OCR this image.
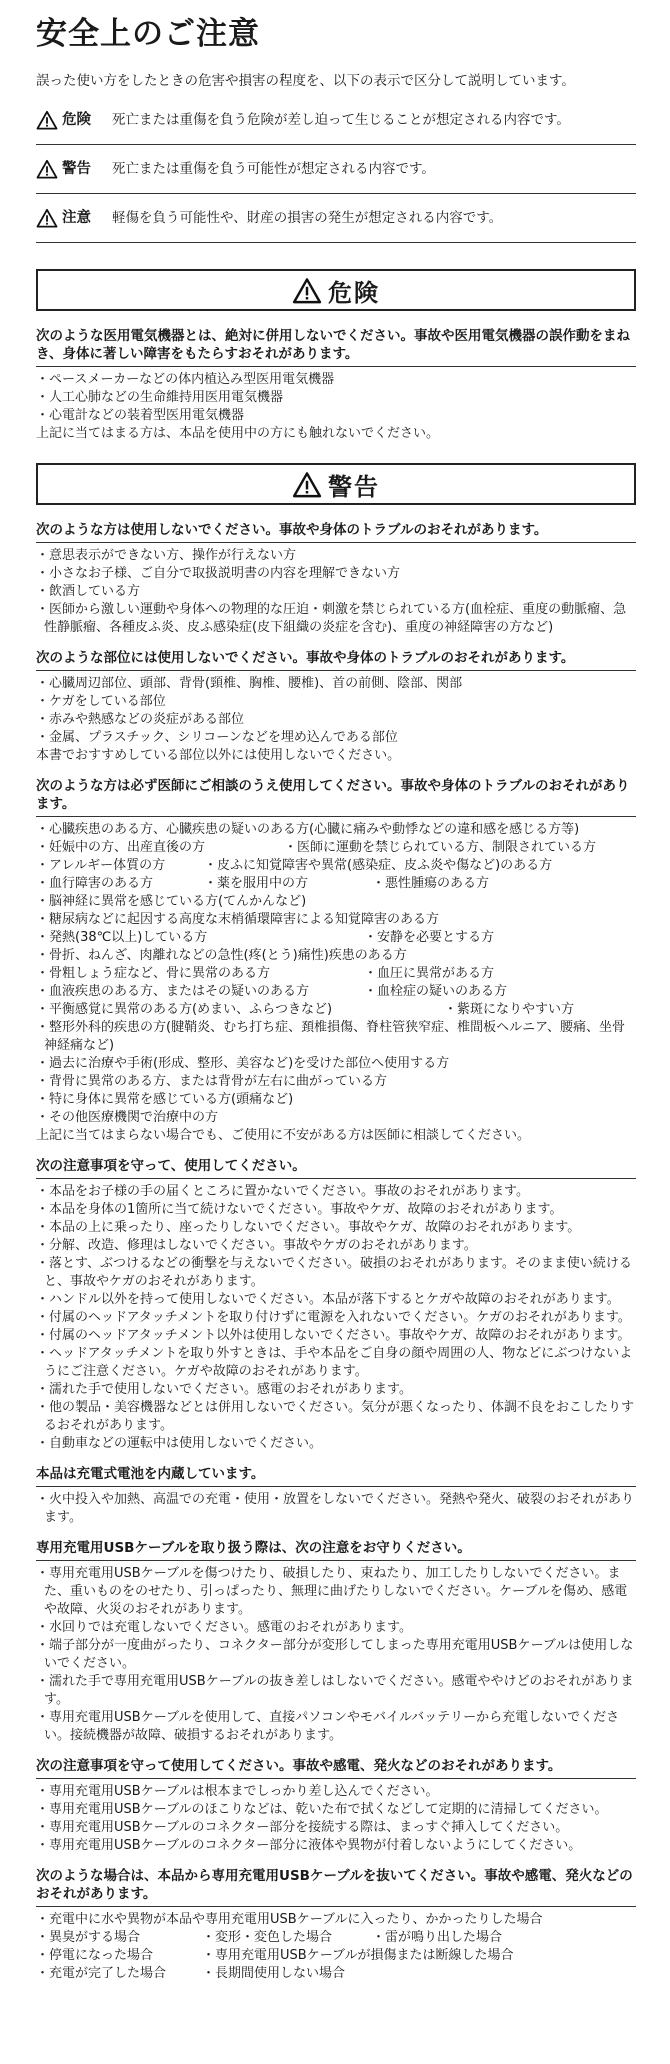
安全上のご注意

誤った使い方をしたときの危害や損害の程度を、以下の表示で区分して説明しています。

危険 死亡または重傷を負う危険が差し迫って生じることが想定される内容です。
警告 死亡または重傷を負う可能性が想定される内容です。
注意 軽傷を負う可能性や、財産の損害の発生が想定される内容です。
危険
次のような医用電気機器とは、絶対に併用しないでください。事故や医用電気機器の誤作動をまねき、身体に著しい障害をもたらすおそれがあります。
・ ペースメーカーなどの体内植込み型医用電気機器
・ 人工心肺などの生命維持用医用電気機器
・ 心電計などの装着型医用電気機器
上記に当てはまる方は、本品を使用中の方にも触れないでください。
警告
次のような方は使用しないでください。事故や身体のトラブルのおそれがあります。
・ 意思表示ができない方、操作が行えない方
・ 小さなお子様、ご自分で取扱説明書の内容を理解できない方
・ 飲酒している方
・ 医師から激しい運動や身体への物理的な圧迫・刺激を禁じられている方(血栓症、重度の動脈瘤、急性静脈瘤、各種皮ふ炎、皮ふ感染症(皮下組織の炎症を含む)、重度の神経障害の方など)
次のような部位には使用しないでください。事故や身体のトラブルのおそれがあります。
・ 心臓周辺部位、頭部、背骨(頸椎、胸椎、腰椎)、首の前側、陰部、関部
・ ケガをしている部位
・ 赤みや熱感などの炎症がある部位
・ 金属、プラスチック、シリコーンなどを埋め込んである部位
本書でおすすめしている部位以外には使用しないでください。
次のような方は必ず医師にご相談のうえ使用してください。事故や身体のトラブルのおそれがあります。
・ 心臓疾患のある方、心臓疾患の疑いのある方(心臓に痛みや動悸などの違和感を感じる方等)
・ 妊娠中の方、出産直後の方	・ 医師に運動を禁じられている方、制限されている方
・ アレルギー体質の方	・ 皮ふに知覚障害や異常(感染症、皮ふ炎や傷など)のある方
・ 血行障害のある方	・ 薬を服用中の方	・ 悪性腫瘍のある方
・ 脳神経に異常を感じている方(てんかんなど)
・ 糖尿病などに起因する高度な末梢循環障害による知覚障害のある方
・ 発熱(38℃以上)している方	・ 安静を必要とする方
・ 骨折、ねんざ、肉離れなどの急性(疼(とう)痛性)疾患のある方
・ 骨粗しょう症など、骨に異常のある方	・ 血圧に異常がある方
・ 血液疾患のある方、またはその疑いのある方	・ 血栓症の疑いのある方
・ 平衡感覚に異常のある方(めまい、ふらつきなど)	・ 紫斑になりやすい方
・ 整形外科的疾患の方(腱鞘炎、むち打ち症、頚椎損傷、脊柱管狭窄症、椎間板ヘルニア、腰痛、坐骨神経痛など)
・ 過去に治療や手術(形成、整形、美容など)を受けた部位へ使用する方
・ 背骨に異常のある方、または背骨が左右に曲がっている方
・ 特に身体に異常を感じている方(頭痛など)
・ その他医療機関で治療中の方
上記に当てはまらない場合でも、ご使用に不安がある方は医師に相談してください。
次の注意事項を守って、使用してください。
・ 本品をお子様の手の届くところに置かないでください。事故のおそれがあります。
・ 本品を身体の1箇所に当て続けないでください。事故やケガ、故障のおそれがあります。
・ 本品の上に乗ったり、座ったりしないでください。事故やケガ、故障のおそれがあります。
・ 分解、改造、修理はしないでください。事故やケガのおそれがあります。
・ 落とす、ぶつけるなどの衝撃を与えないでください。破損のおそれがあります。そのまま使い続けると、事故やケガのおそれがあります。
・ ハンドル以外を持って使用しないでください。本品が落下するとケガや故障のおそれがあります。
・ 付属のヘッドアタッチメントを取り付けずに電源を入れないでください。ケガのおそれがあります。
・ 付属のヘッドアタッチメント以外は使用しないでください。事故やケガ、故障のおそれがあります。
・ ヘッドアタッチメントを取り外すときは、手や本品をご自身の顔や周囲の人、物などにぶつけないようにご注意ください。ケガや故障のおそれがあります。
・ 濡れた手で使用しないでください。感電のおそれがあります。
・ 他の製品・美容機器などとは併用しないでください。気分が悪くなったり、体調不良をおこしたりするおそれがあります。
・ 自動車などの運転中は使用しないでください。
本品は充電式電池を内蔵しています。
・ 火中投入や加熱、高温での充電・使用・放置をしないでください。発熱や発火、破裂のおそれがあります。
専用充電用USBケーブルを取り扱う際は、次の注意をお守りください。
・ 専用充電用USBケーブルを傷つけたり、破損したり、束ねたり、加工したりしないでください。また、重いものをのせたり、引っぱったり、無理に曲げたりしないでください。ケーブルを傷め、感電や故障、火災のおそれがあります。
・ 水回りでは充電しないでください。感電のおそれがあります。
・ 端子部分が一度曲がったり、コネクター部分が変形してしまった専用充電用USBケーブルは使用しないでください。
・ 濡れた手で専用充電用USBケーブルの抜き差しはしないでください。感電ややけどのおそれがあります。
・ 専用充電用USBケーブルを使用して、直接パソコンやモバイルバッテリーから充電しないでください。接続機器が故障、破損するおそれがあります。
次の注意事項を守って使用してください。事故や感電、発火などのおそれがあります。
・ 専用充電用USBケーブルは根本までしっかり差し込んでください。
・ 専用充電用USBケーブルのほこりなどは、乾いた布で拭くなどして定期的に清掃してください。
・ 専用充電用USBケーブルのコネクター部分を接続する際は、まっすぐ挿入してください。
・ 専用充電用USBケーブルのコネクター部分に液体や異物が付着しないようにしてください。
次のような場合は、本品から専用充電用USBケーブルを抜いてください。事故や感電、発火などのおそれがあります。
・ 充電中に水や異物が本品や専用充電用USBケーブルに入ったり、かかったりした場合
・ 異臭がする場合	・ 変形・変色した場合	・ 雷が鳴り出した場合
・ 停電になった場合	・ 専用充電用USBケーブルが損傷または断線した場合
・ 充電が完了した場合	・ 長期間使用しない場合
